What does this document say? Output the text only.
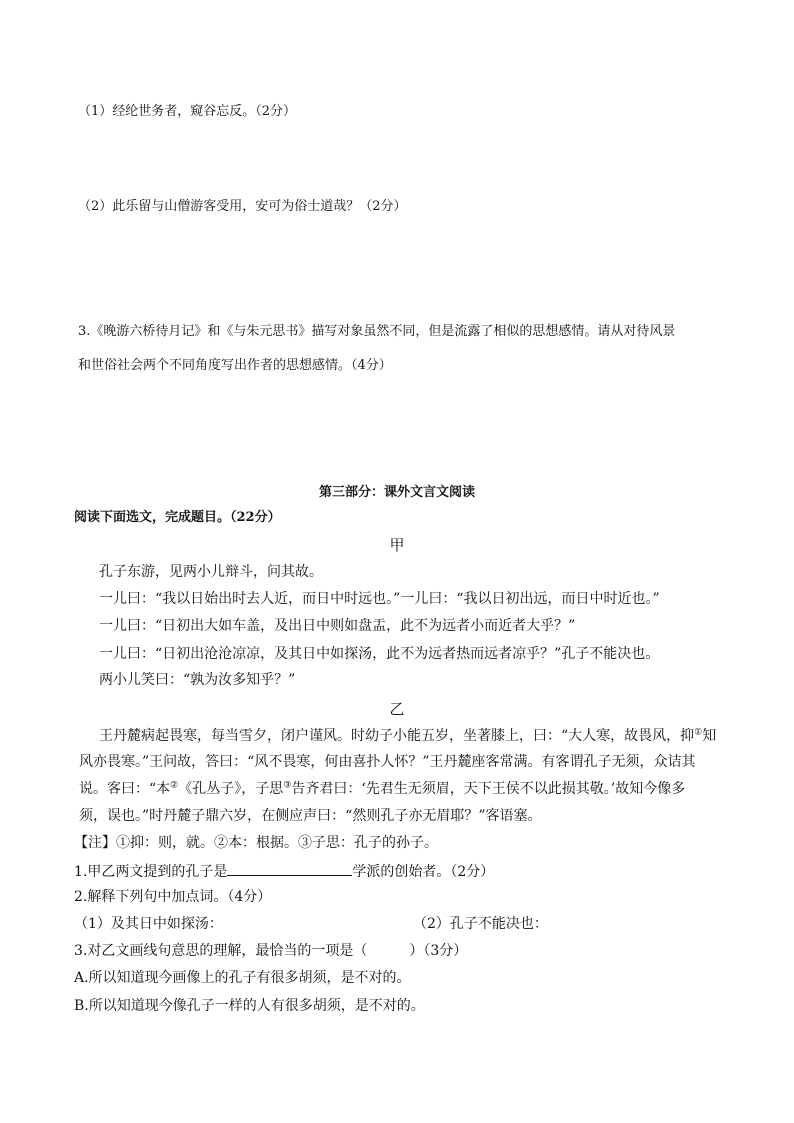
（1）经纶世务者，窥谷忘反。（2分）
（2）此乐留与山僧游客受用，安可为俗士道哉？（2分）
3.《晚游六桥待月记》和《与朱元思书》描写对象虽然不同，但是流露了相似的思想感情。请从对待风景
和世俗社会两个不同角度写出作者的思想感情。（4分）
第三部分：课外文言文阅读
阅读下面选文，完成题目。（22分）
甲
孔子东游，见两小儿辩斗，问其故。
一儿曰：“我以日始出时去人近，而日中时远也。”一儿曰：“我以日初出远，而日中时近也。”
一儿曰：“日初出大如车盖，及出日中则如盘盂，此不为远者小而近者大乎？”
一儿曰：“日初出沧沧凉凉，及其日中如探汤，此不为远者热而远者凉乎？”孔子不能决也。
两小儿笑曰：“孰为汝多知乎？”
乙
王丹麓病起畏寒，每当雪夕，闭户谨风。时幼子小能五岁，坐著膝上，曰：“大人寒，故畏风，抑①知
风亦畏寒。”王问故，答曰：“风不畏寒，何由喜扑人怀？”王丹麓座客常满。有客谓孔子无须，众诘其
说。客曰：“本②《孔丛子》，子思③告齐君曰：‘先君生无须眉，天下王侯不以此损其敬。’故知今像多
须，误也。”时丹麓子鼎六岁，在侧应声曰：“然则孔子亦无眉耶？”客语塞。
【注】①抑：则，就。②本：根据。③子思：孔子的孙子。
1.甲乙两文提到的孔子是	学派的创始者。（2分）
2.解释下列句中加点词。（4分）
（1）及其日中如探汤：	（2）孔子不能决也：
3.对乙文画线句意思的理解，最恰当的一项是（	）（3分）
A.所以知道现今画像上的孔子有很多胡须，是不对的。
B.所以知道现今像孔子一样的人有很多胡须，是不对的。
